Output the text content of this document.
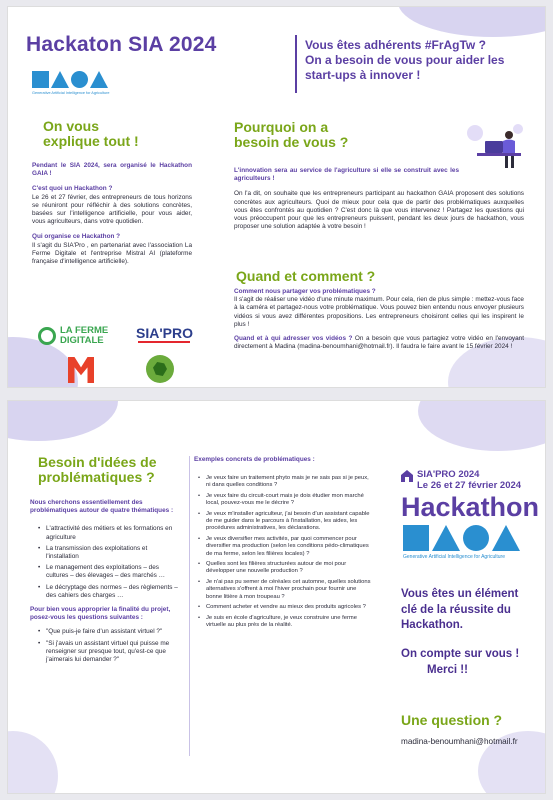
Hackaton SIA 2024
Generative Artificial Intelligence for Agriculture
Vous êtes adhérents #FrAgTw ?
On a besoin de vous pour aider les
start-ups à innover !
On vous
explique tout !

Pendant le SIA 2024, sera organisé le Hackathon GAIA !

C'est quoi un Hackathon ?

Le 26 et 27 février, des entrepreneurs de tous horizons se réuniront pour réfléchir à des solutions concrètes, basées sur l'intelligence artificielle, pour vous aider, vous agriculteurs, dans votre quotidien.

Qui organise ce Hackathon ?

Il s'agit du SIA'Pro , en partenariat avec l'association La Ferme Digitale et l'entreprise Mistral AI (plateforme française d'intelligence artificielle).

LA FERME
DIGITALE SIA'PRO
Pourquoi on a
besoin de vous ?

L'innovation sera au service de l'agriculture si elle se construit avec les agriculteurs !

On l'a dit, on souhaite que les entrepreneurs participant au hackathon GAIA proposent des solutions concrètes aux agriculteurs. Quoi de mieux pour cela que de partir des problématiques auxquelles vous êtes confrontés au quotidien ? C'est donc là que vous intervenez ! Partagez les questions qui vous préoccupent pour que les entrepreneurs puissent, pendant les deux jours de hackathon, vous proposer une solution adaptée à votre besoin !

Quand et comment ?

Comment nous partager vos problématiques ?

Il s'agit de réaliser une vidéo d'une minute maximum. Pour cela, rien de plus simple : mettez-vous face à la caméra et partagez-nous votre problématique. Vous pouvez bien entendu nous envoyer plusieurs vidéos si vous avez différentes propositions. Les entrepreneurs choisiront celles qui les inspirent le plus !

Quand et à qui adresser vos vidéos ? On a besoin que vous partagiez votre vidéo en l'envoyant directement à Madina (madina-benoumhani@hotmail.fr). Il faudra le faire avant le 15 février 2024 !

Besoin d'idées de
problématiques ?

Nous cherchons essentiellement des problématiques autour de quatre thématiques :

• L'attractivité des métiers et les formations en agriculture
• La transmission des exploitations et l'installation
• Le management des exploitations – des cultures – des élevages – des marchés …
• Le décryptage des normes – des règlements – des cahiers des charges …

Pour bien vous approprier la finalité du projet, posez-vous les questions suivantes :

• "Que puis-je faire d'un assistant virtuel ?"
• "Si j'avais un assistant virtuel qui puisse me renseigner sur presque tout, qu'est-ce que j'aimerais lui demander ?"
Exemples concrets de problématiques :
• Je veux faire un traitement phyto mais je ne sais pas si je peux, ni dans quelles conditions ?
• Je veux faire du circuit-court mais je dois étudier mon marché local, pouvez-vous me le décrire ?
• Je veux m'installer agriculteur, j'ai besoin d'un assistant capable de me guider dans le parcours à l'installation, les aides, les procédures administratives, les déclarations.
• Je veux diversifier mes activités, par quoi commencer pour diversifier ma production (selon les conditions pédo-climatiques de ma ferme, selon les filières locales) ?
• Quelles sont les filières structurées autour de moi pour développer une nouvelle production ?
• Je n'ai pas pu semer de céréales cet automne, quelles solutions alternatives s'offrent à moi l'hiver prochain pour fournir une bonne litière à mon troupeau ?
• Comment acheter et vendre au mieux des produits agricoles ?
• Je suis en école d'agriculture, je veux construire une ferme virtuelle au plus près de la réalité.
SIA'PRO 2024
Le 26 et 27 février 2024
Hackathon
Generative Artificial Intelligence for Agriculture
Vous êtes un élément
clé de la réussite du
Hackathon.
On compte sur vous !
Merci !!
Une question ?
madina-benoumhani@hotmail.fr
